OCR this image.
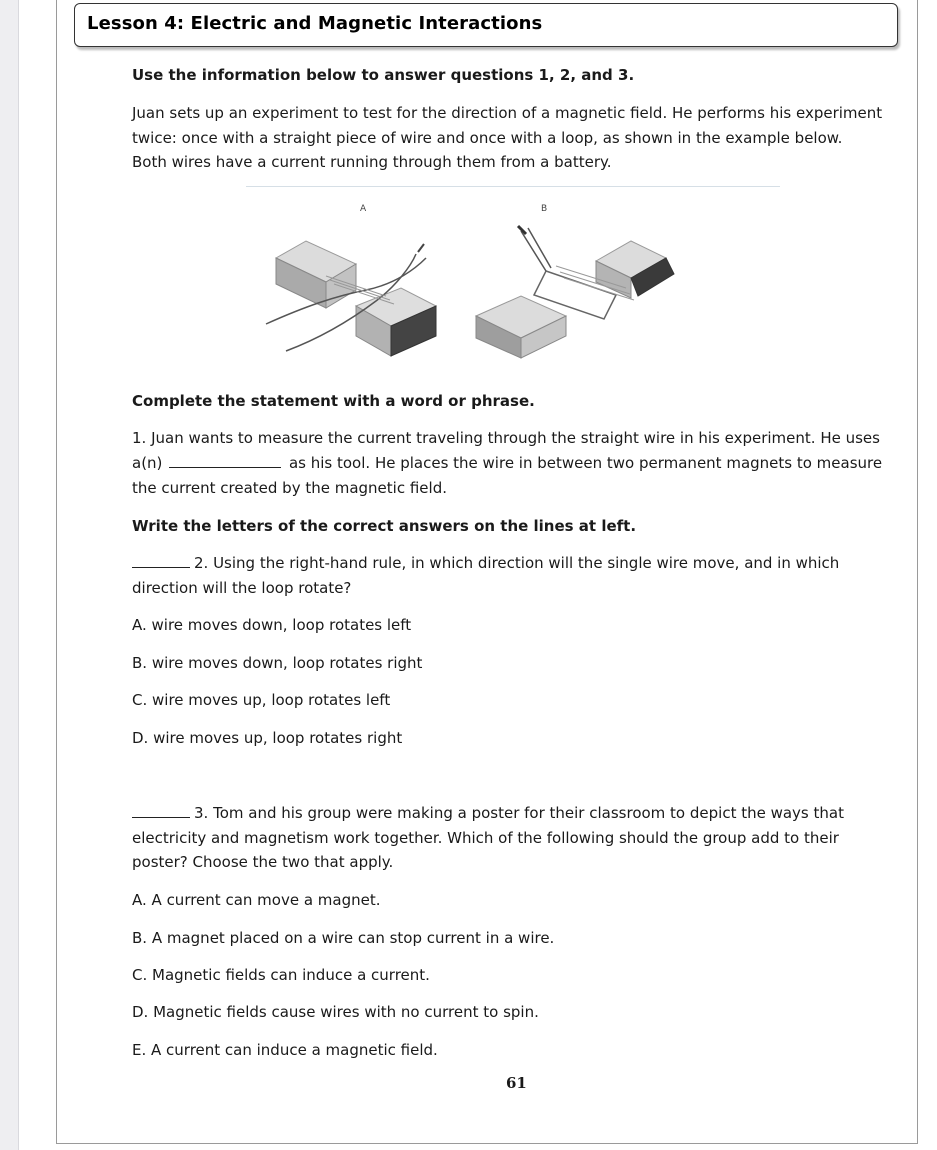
Lesson 4: Electric and Magnetic Interactions
Use the information below to answer questions 1, 2, and 3.
Juan sets up an experiment to test for the direction of a magnetic field. He performs his experiment
twice: once with a straight piece of wire and once with a loop, as shown in the example below.
Both wires have a current running through them from a battery.
A	B
Complete the statement with a word or phrase.
1. Juan wants to measure the current traveling through the straight wire in his experiment. He uses
a(n)	as his tool. He places the wire in between two permanent magnets to measure
the current created by the magnetic field.
Write the letters of the correct answers on the lines at left.
2. Using the right-hand rule, in which direction will the single wire move, and in which
direction will the loop rotate?
A. wire moves down, loop rotates left
B. wire moves down, loop rotates right
C. wire moves up, loop rotates left
D. wire moves up, loop rotates right
3. Tom and his group were making a poster for their classroom to depict the ways that
electricity and magnetism work together. Which of the following should the group add to their
poster? Choose the two that apply.
A. A current can move a magnet.
B. A magnet placed on a wire can stop current in a wire.
C. Magnetic fields can induce a current.
D. Magnetic fields cause wires with no current to spin.
E. A current can induce a magnetic field.
61
